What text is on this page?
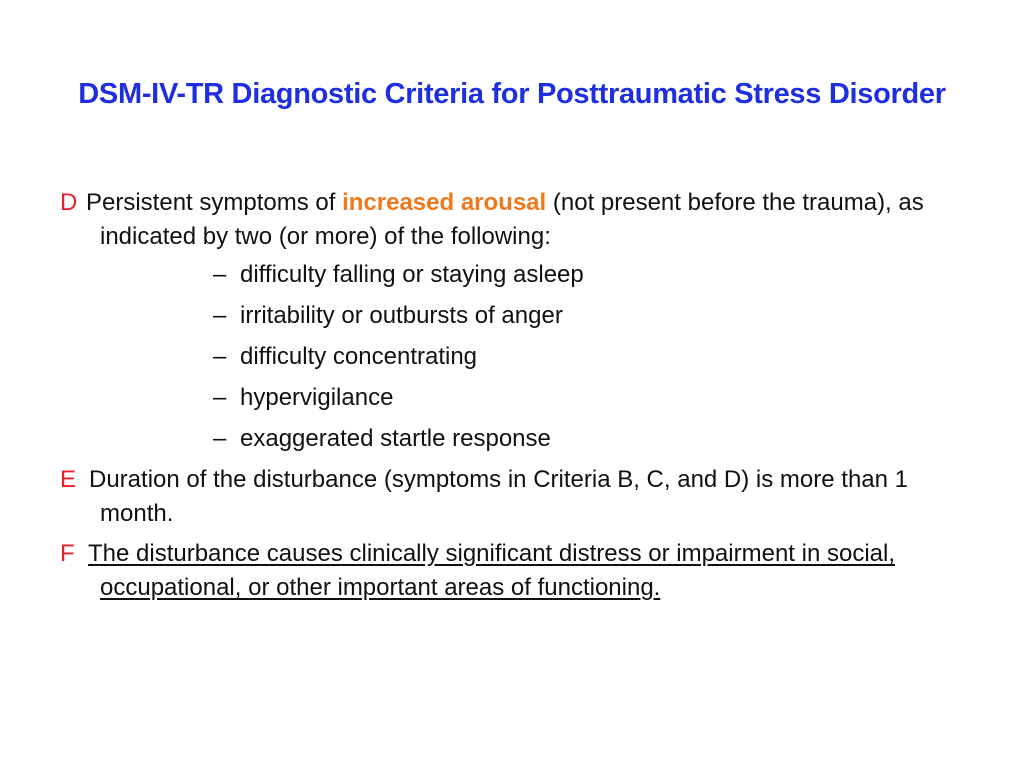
DSM-IV-TR Diagnostic Criteria for Posttraumatic Stress Disorder

D Persistent symptoms of increased arousal (not present before the trauma), as indicated by two (or more) of the following:

– difficulty falling or staying asleep
– irritability or outbursts of anger
– difficulty concentrating
– hypervigilance
– exaggerated startle response

E Duration of the disturbance (symptoms in Criteria B, C, and D) is more than 1 month.

F The disturbance causes clinically significant distress or impairment in social, occupational, or other important areas of functioning.
